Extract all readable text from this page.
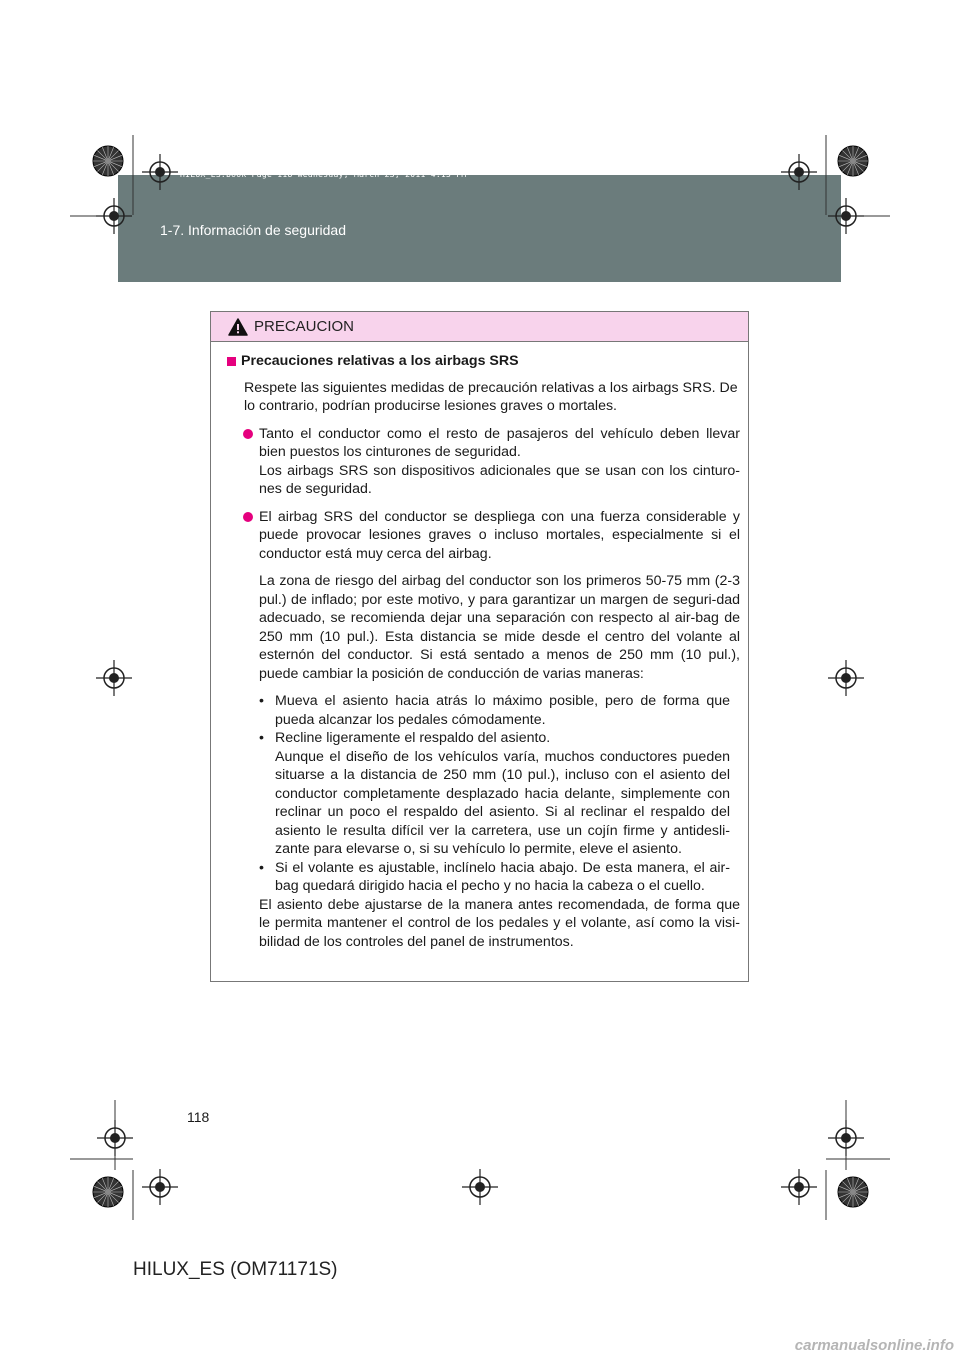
HILUX_ES.book Page 118 Wednesday, March 23, 2011 4:15 PM
1-7. Información de seguridad
PRECAUCION
Precauciones relativas a los airbags SRS

Respete las siguientes medidas de precaución relativas a los airbags SRS. De lo contrario, podrían producirse lesiones graves o mortales.

Tanto el conductor como el resto de pasajeros del vehículo deben llevar bien puestos los cinturones de seguridad.

Los airbags SRS son dispositivos adicionales que se usan con los cinturo-nes de seguridad.

El airbag SRS del conductor se despliega con una fuerza considerable y puede provocar lesiones graves o incluso mortales, especialmente si el conductor está muy cerca del airbag.

La zona de riesgo del airbag del conductor son los primeros 50-75 mm (2-3 pul.) de inflado; por este motivo, y para garantizar un margen de seguri-dad adecuado, se recomienda dejar una separación con respecto al air-bag de 250 mm (10 pul.). Esta distancia se mide desde el centro del volante al esternón del conductor. Si está sentado a menos de 250 mm (10 pul.), puede cambiar la posición de conducción de varias maneras:

• Mueva el asiento hacia atrás lo máximo posible, pero de forma que pueda alcanzar los pedales cómodamente.
• Recline ligeramente el respaldo del asiento.
Aunque el diseño de los vehículos varía, muchos conductores pueden situarse a la distancia de 250 mm (10 pul.), incluso con el asiento del conductor completamente desplazado hacia delante, simplemente con reclinar un poco el respaldo del asiento. Si al reclinar el respaldo del asiento le resulta difícil ver la carretera, use un cojín firme y antidesli-zante para elevarse o, si su vehículo lo permite, eleve el asiento.
• Si el volante es ajustable, inclínelo hacia abajo. De esta manera, el air-bag quedará dirigido hacia el pecho y no hacia la cabeza o el cuello.

El asiento debe ajustarse de la manera antes recomendada, de forma que le permita mantener el control de los pedales y el volante, así como la visi-bilidad de los controles del panel de instrumentos.

118
HILUX_ES (OM71171S)
carmanualsonline.info
